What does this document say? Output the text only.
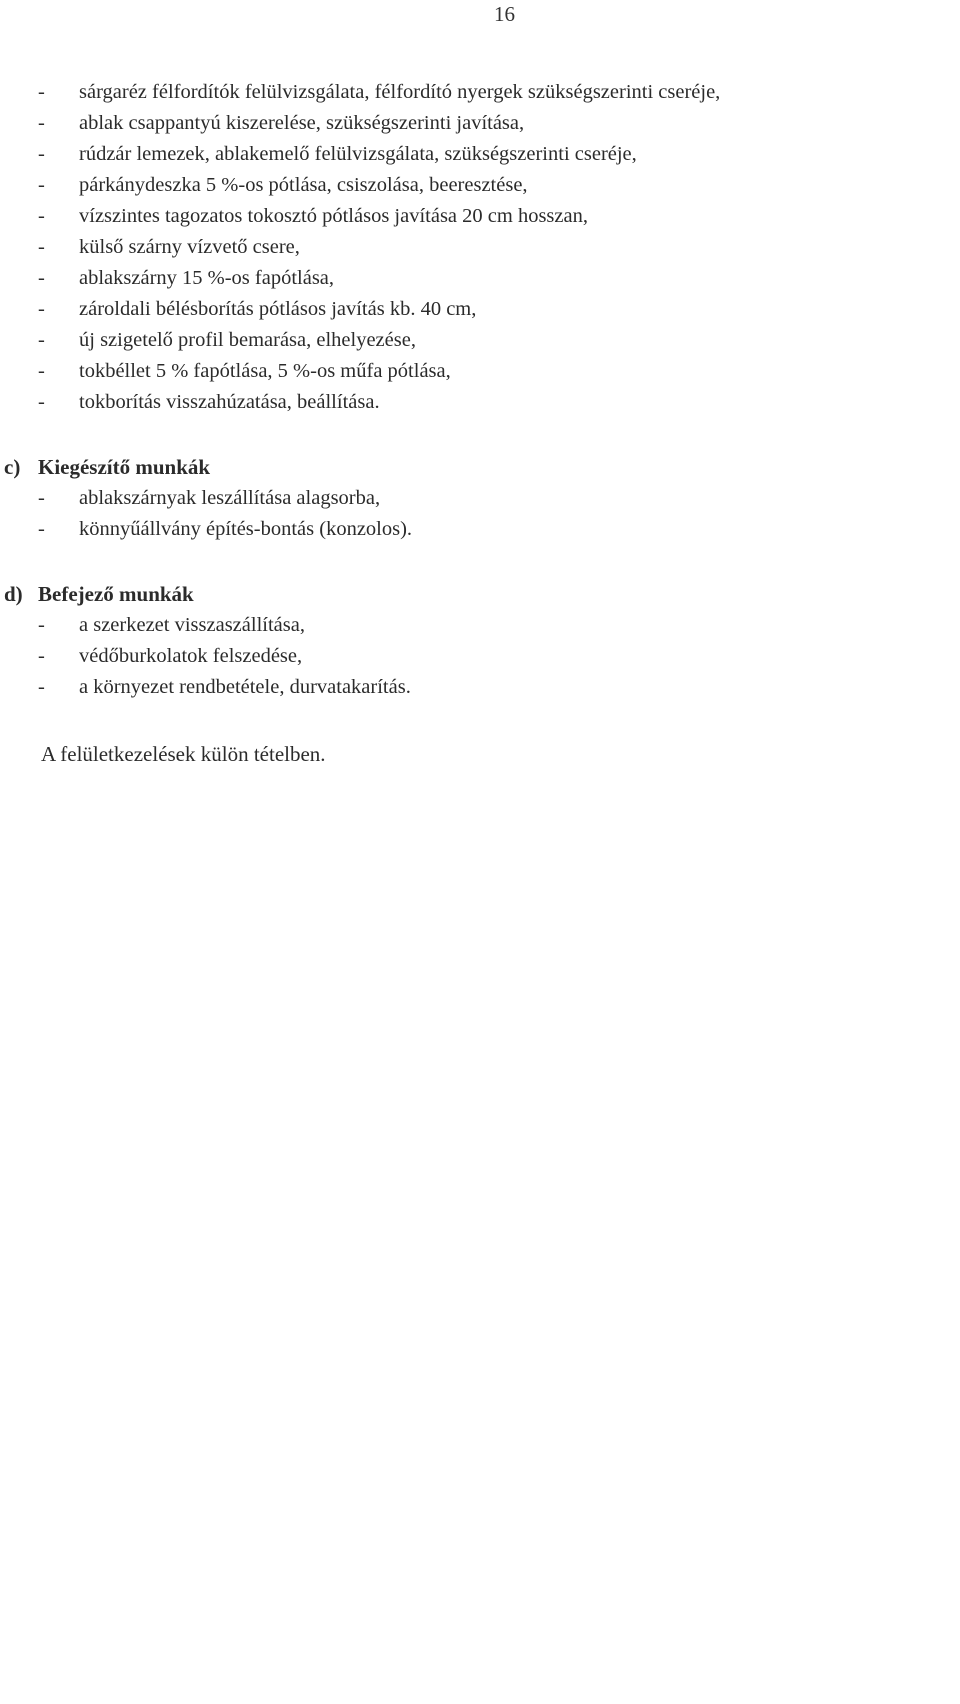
16
-	sárgaréz félfordítók felülvizsgálata, félfordító nyergek szükségszerinti cseréje,
-	ablak csappantyú kiszerelése, szükségszerinti javítása,
-	rúdzár lemezek, ablakemelő felülvizsgálata, szükségszerinti cseréje,
-	párkánydeszka 5 %-os pótlása, csiszolása, beeresztése,
-	vízszintes tagozatos tokosztó pótlásos javítása 20 cm hosszan,
-	külső szárny vízvető csere,
-	ablakszárny 15 %-os fapótlása,
-	zároldali bélésborítás pótlásos javítás kb. 40 cm,
-	új szigetelő profil bemarása, elhelyezése,
-	tokbéllet 5 % fapótlása, 5 %-os műfa pótlása,
-	tokborítás visszahúzatása, beállítása.
c) Kiegészítő munkák
-	ablakszárnyak leszállítása alagsorba,
-	könnyűállvány építés-bontás (konzolos).
d) Befejező munkák
-	a szerkezet visszaszállítása,
-	védőburkolatok felszedése,
-	a környezet rendbetétele, durvatakarítás.
A felületkezelések külön tételben.
